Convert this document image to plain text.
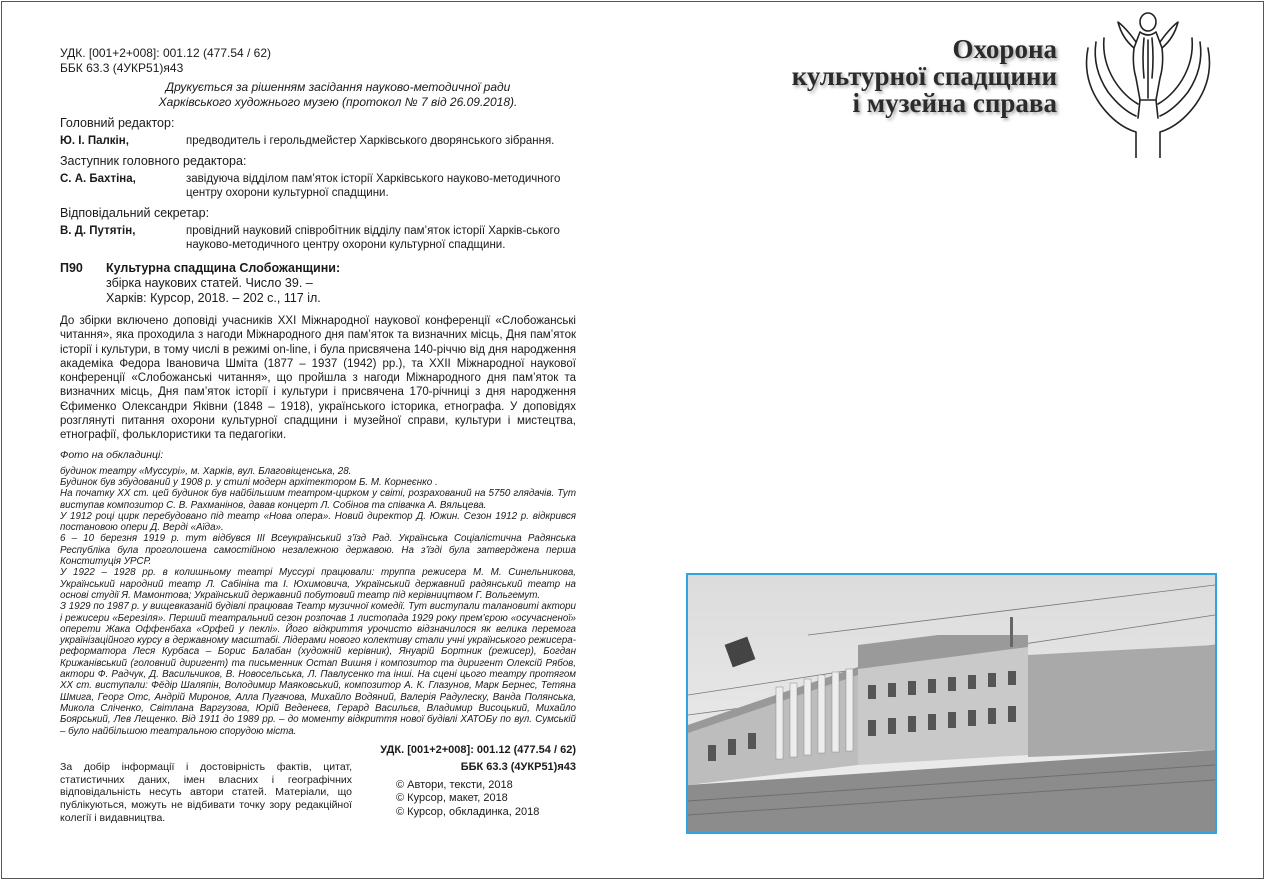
УДК. [001+2+008]: 001.12 (477.54 / 62)
ББК 63.3 (4УКР51)я43
Друкується за рішенням засідання науково-методичної ради
Харківського художнього музею (протокол № 7 від 26.09.2018).
Головний редактор:
Ю. І. Палкін,	предводитель і герольдмейстер Харківського дворянського зібрання.
Заступник головного редактора:
С. А. Бахтіна,	завідуюча відділом пам’яток історії Харківського науково-методичного центру охорони культурної спадщини.
Відповідальний секретар:
В. Д. Путятін,	провідний науковий співробітник відділу пам’яток історії Харків-ського науково-методичного центру охорони культурної спадщини.
П90	Культурна спадщина Слобожанщини:
збірка наукових статей. Число 39. –
Харків: Курсор, 2018. – 202 с., 117 іл.
До збірки включено доповіді учасників XXI Міжнародної наукової конференції «Слобожанські читання», яка проходила з нагоди Міжнародного дня пам’яток та визначних місць, Дня пам’яток історії і культури, в тому числі в режимі on-line, і була присвячена 140-річчю від дня народження академіка Федора Івановича Шміта (1877 – 1937 (1942) рр.), та XXII Міжнародної наукової конференції «Слобожанські читання», що пройшла з нагоди Міжнародного дня пам’яток та визначних місць, Дня пам’яток історії і культури і присвячена 170-річниці з дня народження Єфименко Олександри Яківни (1848 – 1918), українського історика, етнографа. У доповідях розглянуті питання охорони культурної спадщини і музейної справи, культури і мистецтва, етнографії, фольклористики та педагогіки.
Фото на обкладинці:
будинок театру «Муссурі», м. Харків, вул. Благовіщенська, 28.
Будинок був збудований у 1908 р. у стилі модерн архітектором Б. М. Корнеєнко .
На початку XX ст. цей будинок був найбільшим театром-цирком у світі, розрахований на 5750 глядачів. Тут виступав композитор С. В. Рахманінов, давав концерт Л. Собінов та співачка А. Вяльцева.
У 1912 році цирк перебудовано під театр «Нова опера». Новий директор Д. Южин. Сезон 1912 р. відкрився постановою опери Д. Верді «Аїда».
6 – 10 березня 1919 р. тут відбувся III Всеукраїнський з’їзд Рад. Українська Соціалістична Радянська Республіка була проголошена самостійною незалежною державою. На з’їзді була затверджена перша Конституція УРСР.
У 1922 – 1928 рр. в колишньому театрі Муссурі працювали: труппа режисера М. М. Синельникова, Український народний театр Л. Сабініна та І. Юхимовича, Український державний радянський театр на основі студії Я. Мамонтова; Український державний побутовий театр під керівництвом Г. Вольгемут.
З 1929 по 1987 р. у вищевказаній будівлі працював Театр музичної комедії. Тут виступали талановиті актори і режисери «Березіля». Перший театральний сезон розпочав 1 листопада 1929 року прем’єрою «осучасненої» оперети Жака Оффенбаха «Орфей у пеклі». Його відкриття урочисто відзначилося як велика перемога українізаційного курсу в державному масштабі. Лідерами нового колективу стали учні українського режисера-реформатора Леся Курбаса – Борис Балабан (художній керівник), Януарій Бортник (режисер), Богдан Крижанівський (головний диригент) та письменник Остап Вишня і композитор та диригент Олексій Рябов, актори Ф. Радчук, Д. Васильчиков, В. Новосельська, Л. Павлусенко та інші. На сцені цього театру протягом XX ст. виступали: Фёдір Шаляпін, Володимир Маяковський, композитор А. К. Глазунов, Марк Бернес, Тетяна Шмига, Георг Отс, Андрій Миронов, Алла Пугачова, Михайло Водяний, Валерія Радулеску, Ванда Полянська, Микола Сліченко, Світлана Варгузова, Юрій Веденеєв, Герард Васильєв, Владимир Висоцький, Михайло Боярський, Лев Лещенко. Від 1911 до 1989 рр. – до моменту відкриття нової будівлі ХАТОБу по вул. Сумській – було найбільшою театральною спорудою міста.
УДК. [001+2+008]: 001.12 (477.54 / 62)
За добір інформації і достовірність фактів, цитат, статистичних даних, імен власних і географічних відповідальність несуть автори статей. Матеріали, що публікуються, можуть не відбивати точку зору редакційної колегії і видавництва.
ББК 63.3 (4УКР51)я43
© Автори, тексти, 2018
© Курсор, макет, 2018
© Курсор, обкладинка, 2018
Охорона
культурної спадщини
і музейна справа
